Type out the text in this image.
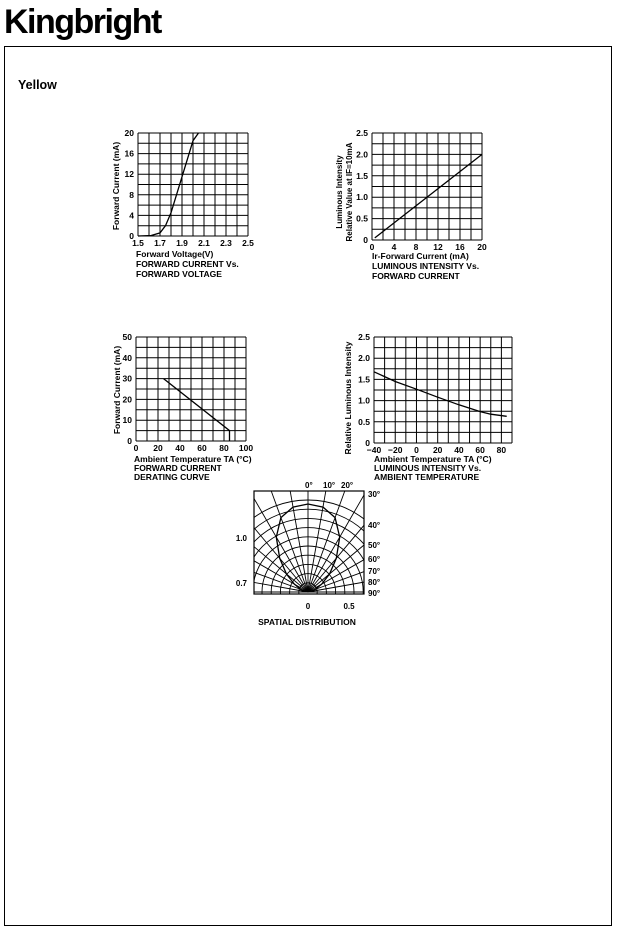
Kingbright
Yellow
1.5 1.7 1.9 2.1 2.3 2.5
0
4
8
12
16
20
Forward Current (mA)
Forward Voltage(V)
FORWARD CURRENT Vs.
FORWARD VOLTAGE
0 4 8 12 16 20
0
0.5
1.0
1.5
2.0
2.5
Luminous Intensity Relative Value at IF=10mA
Ir-Forward Current (mA)
LUMINOUS INTENSITY Vs.
FORWARD CURRENT
0 20 40 60 80 100
0
10
20
30
40
50
Forward Current (mA)
Ambient Temperature TA (°C)
FORWARD CURRENT
DERATING CURVE
−40 −20 0 20 40 60 80
0
0.5
1.0
1.5
2.0
2.5
Relative Luminous Intensity
Ambient Temperature TA (°C)
LUMINOUS INTENSITY Vs.
AMBIENT TEMPERATURE
0° 10° 20°
30°
40°
50°
60°
70°
80°
90°
1.0
0.7
0	0.5
SPATIAL DISTRIBUTION
